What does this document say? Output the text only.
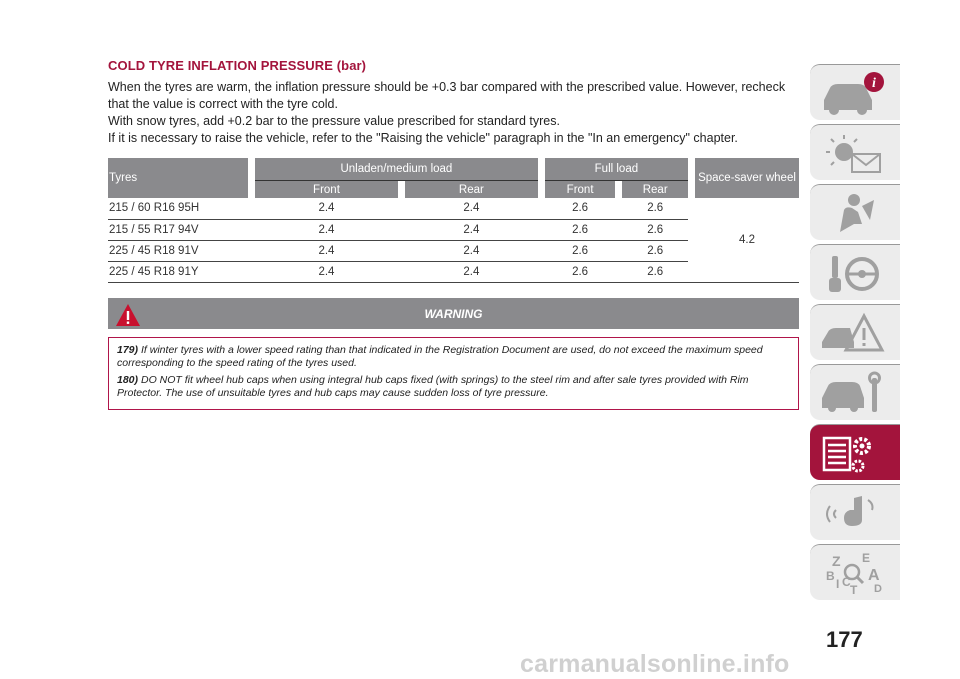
COLD TYRE INFLATION PRESSURE (bar)

When the tyres are warm, the inflation pressure should be +0.3 bar compared with the prescribed value. However, recheck that the value is correct with the tyre cold.

With snow tyres, add +0.2 bar to the pressure value prescribed for standard tyres.

If it is necessary to raise the vehicle, refer to the "Raising the vehicle" paragraph in the "In an emergency" chapter.

Tyres		Unladen/medium load				Full load				Space-saver wheel
		Front		Rear		Front		Rear		
215 / 60 R16 95H		2.4		2.4		2.6		2.6		4.2
215 / 55 R17 94V		2.4		2.4		2.6		2.6		
225 / 45 R18 91V		2.4		2.4		2.6		2.6		
225 / 45 R18 91Y		2.4		2.4		2.6		2.6		
WARNING

179) If winter tyres with a lower speed rating than that indicated in the Registration Document are used, do not exceed the maximum speed corresponding to the speed rating of the tyres used.

180) DO NOT fit wheel hub caps when using integral hub caps fixed (with springs) to the steel rim and after sale tyres provided with Rim Protector. The use of unsuitable tyres and hub caps may cause sudden loss of tyre pressure.

i
Z E
B A
I C
T D
177
carmanualsonline.info
